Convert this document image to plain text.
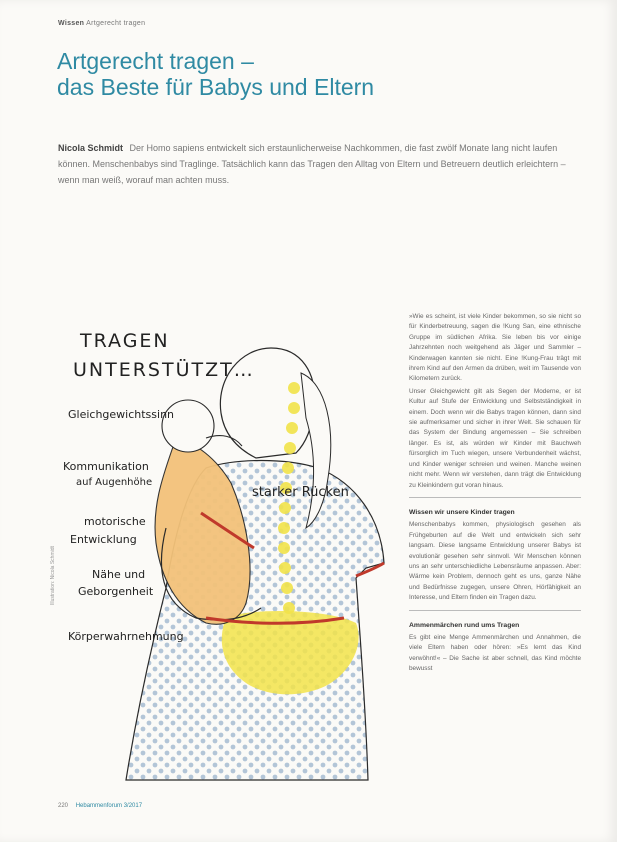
Wissen Artgerecht tragen
Artgerecht tragen –
das Beste für Babys und Eltern
Nicola Schmidt Der Homo sapiens entwickelt sich erstaunlicherweise Nachkommen, die fast zwölf Monate lang nicht laufen können. Menschenbabys sind Traglinge. Tatsächlich kann das Tragen den Alltag von Eltern und Betreuern deutlich erleichtern – wenn man weiß, worauf man achten muss.
TRAGEN
UNTERSTÜTZT…
Gleichgewichtssinn
Kommunikation
auf Augenhöhe
motorische
Entwicklung
Nähe und
Geborgenheit
Körperwahrnehmung
starker Rücken
Illustration: Nicola Schmidt

»Wie es scheint, ist viele Kinder bekommen, so sie nicht so für Kinderbetreuung, sagen die !Kung San, eine ethnische Gruppe im südlichen Afrika. Sie leben bis vor einige Jahrzehnten noch weitgehend als Jäger und Sammler – Kinderwagen kannten sie nicht. Eine !Kung-Frau trägt mit ihrem Kind auf den Armen da drüben, weit im Tausende von Kilometern zurück.

Unser Gleichgewicht gilt als Segen der Moderne, er ist Kultur auf Stufe der Entwicklung und Selbstständigkeit in einem. Doch wenn wir die Babys tragen können, dann sind sie aufmerksamer und sicher in ihrer Welt. Sie schauen für das System der Bindung angemessen – Sie schreiben länger. Es ist, als würden wir Kinder mit Bauchweh fürsorglich im Tuch wiegen, unsere Verbundenheit wächst, und Kinder weniger schreien und weinen. Manche weinen nicht mehr. Wenn wir verstehen, dann trägt die Entwicklung zu Kleinkindern gut voran hinaus.

Wissen wir unsere Kinder tragen

Menschenbabys kommen, physiologisch gesehen als Frühgeburten auf die Welt und entwickeln sich sehr langsam. Diese langsame Entwicklung unserer Babys ist evolutionär gesehen sehr sinnvoll. Wir Menschen können uns an sehr unterschiedliche Lebensräume anpassen. Aber: Wärme kein Problem, dennoch geht es uns, ganze Nähe und Bedürfnisse zugegen, unsere Ohren, Hörfähigkeit an Interesse, und Eltern finden ein Tragen dazu.

Ammenmärchen rund ums Tragen

Es gibt eine Menge Ammenmärchen und Annahmen, die viele Eltern haben oder hören: »Es lernt das Kind verwöhnt!« – Die Sache ist aber schnell, das Kind möchte bewusst

220 Hebammenforum 3/2017
